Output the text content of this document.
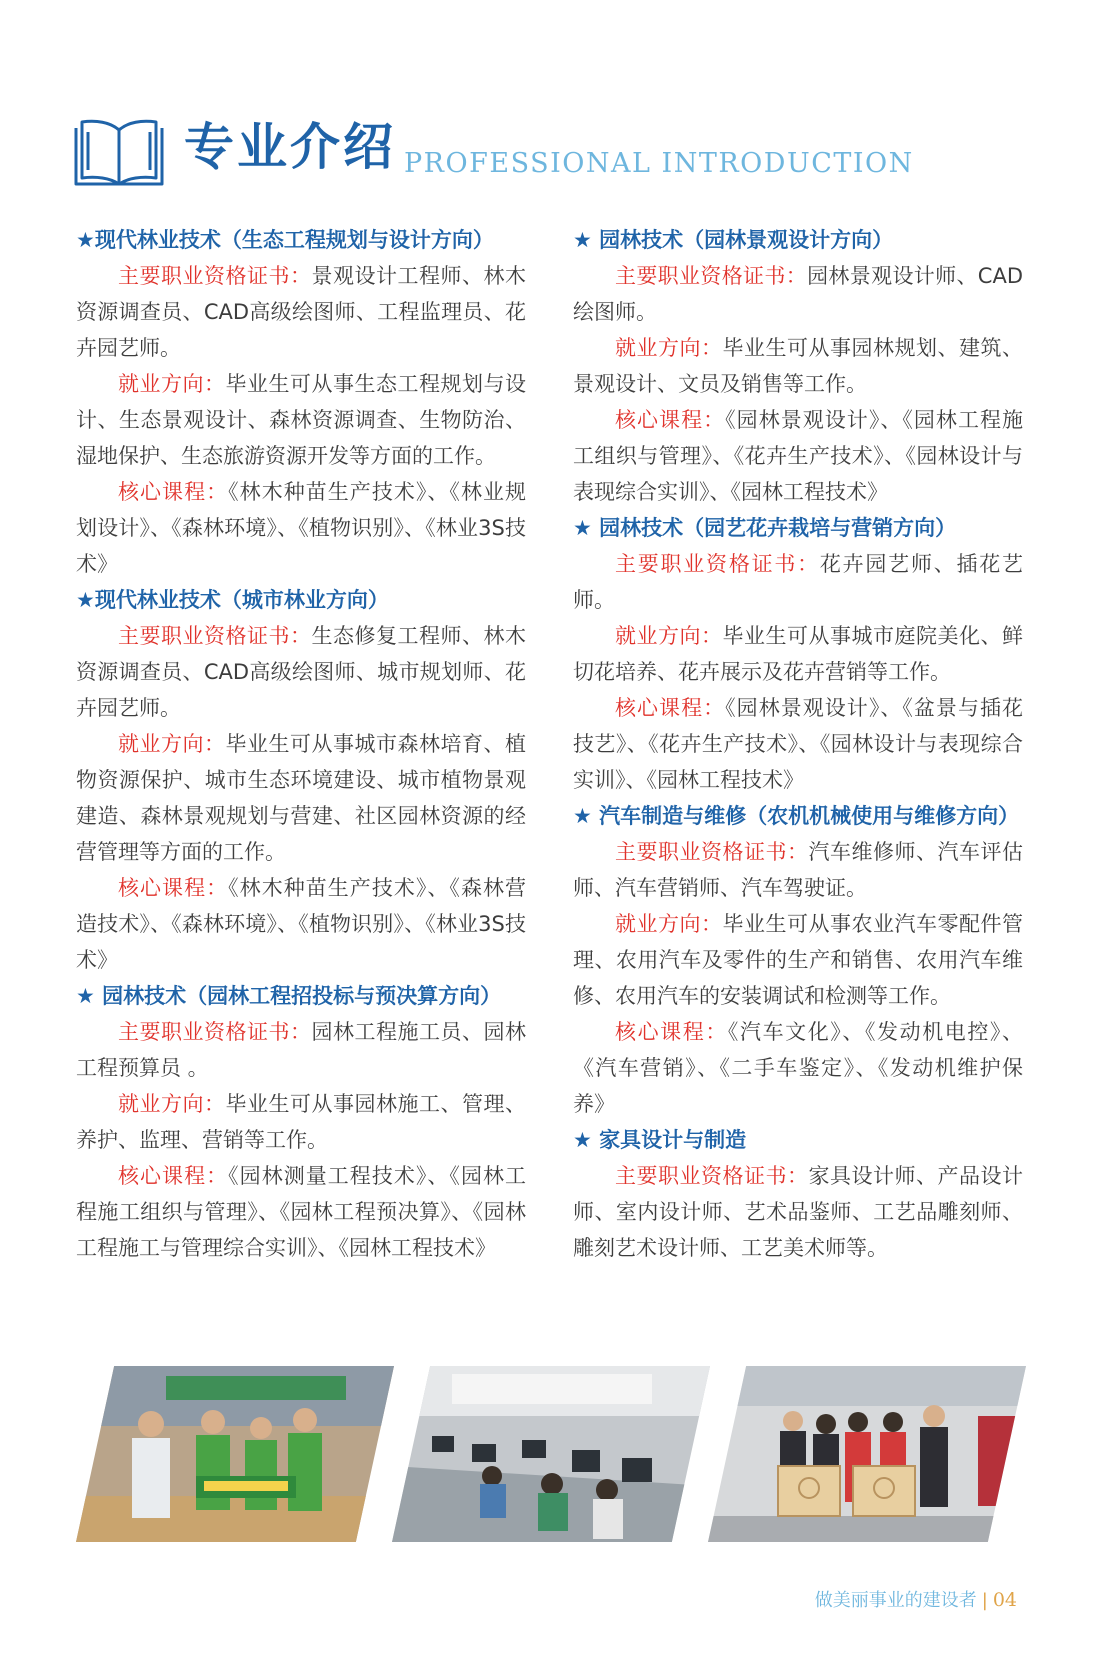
专业介绍 PROFESSIONAL INTRODUCTION

★现代林业技术（生态工程规划与设计方向）

主要职业资格证书：景观设计工程师、林木资源调查员、CAD高级绘图师、工程监理员、花卉园艺师。

就业方向：毕业生可从事生态工程规划与设计、生态景观设计、森林资源调查、生物防治、湿地保护、生态旅游资源开发等方面的工作。

核心课程：《林木种苗生产技术》、《林业规划设计》、《森林环境》、《植物识别》、《林业3S技术》

★现代林业技术（城市林业方向）

主要职业资格证书：生态修复工程师、林木资源调查员、CAD高级绘图师、城市规划师、花卉园艺师。

就业方向：毕业生可从事城市森林培育、植物资源保护、城市生态环境建设、城市植物景观建造、森林景观规划与营建、社区园林资源的经营管理等方面的工作。

核心课程：《林木种苗生产技术》、《森林营造技术》、《森林环境》、《植物识别》、《林业3S技术》

★ 园林技术（园林工程招投标与预决算方向）

主要职业资格证书：园林工程施工员、园林工程预算员 。

就业方向：毕业生可从事园林施工、管理、养护、监理、营销等工作。

核心课程：《园林测量工程技术》、《园林工程施工组织与管理》、《园林工程预决算》、《园林工程施工与管理综合实训》、《园林工程技术》

★ 园林技术（园林景观设计方向）

主要职业资格证书：园林景观设计师、CAD绘图师。

就业方向：毕业生可从事园林规划、建筑、景观设计、文员及销售等工作。

核心课程：《园林景观设计》、《园林工程施工组织与管理》、《花卉生产技术》、《园林设计与表现综合实训》、《园林工程技术》

★ 园林技术（园艺花卉栽培与营销方向）

主要职业资格证书：花卉园艺师、插花艺师。

就业方向：毕业生可从事城市庭院美化、鲜切花培养、花卉展示及花卉营销等工作。

核心课程：《园林景观设计》、《盆景与插花技艺》、《花卉生产技术》、《园林设计与表现综合实训》、《园林工程技术》

★ 汽车制造与维修（农机机械使用与维修方向）

主要职业资格证书：汽车维修师、汽车评估师、汽车营销师、汽车驾驶证。

就业方向：毕业生可从事农业汽车零配件管理、农用汽车及零件的生产和销售、农用汽车维修、农用汽车的安装调试和检测等工作。

核心课程：《汽车文化》、《发动机电控》、《汽车营销》、《二手车鉴定》、《发动机维护保养》

★ 家具设计与制造

主要职业资格证书：家具设计师、产品设计师、室内设计师、艺术品鉴师、工艺品雕刻师、雕刻艺术设计师、工艺美术师等。

做美丽事业的建设者 | 04
